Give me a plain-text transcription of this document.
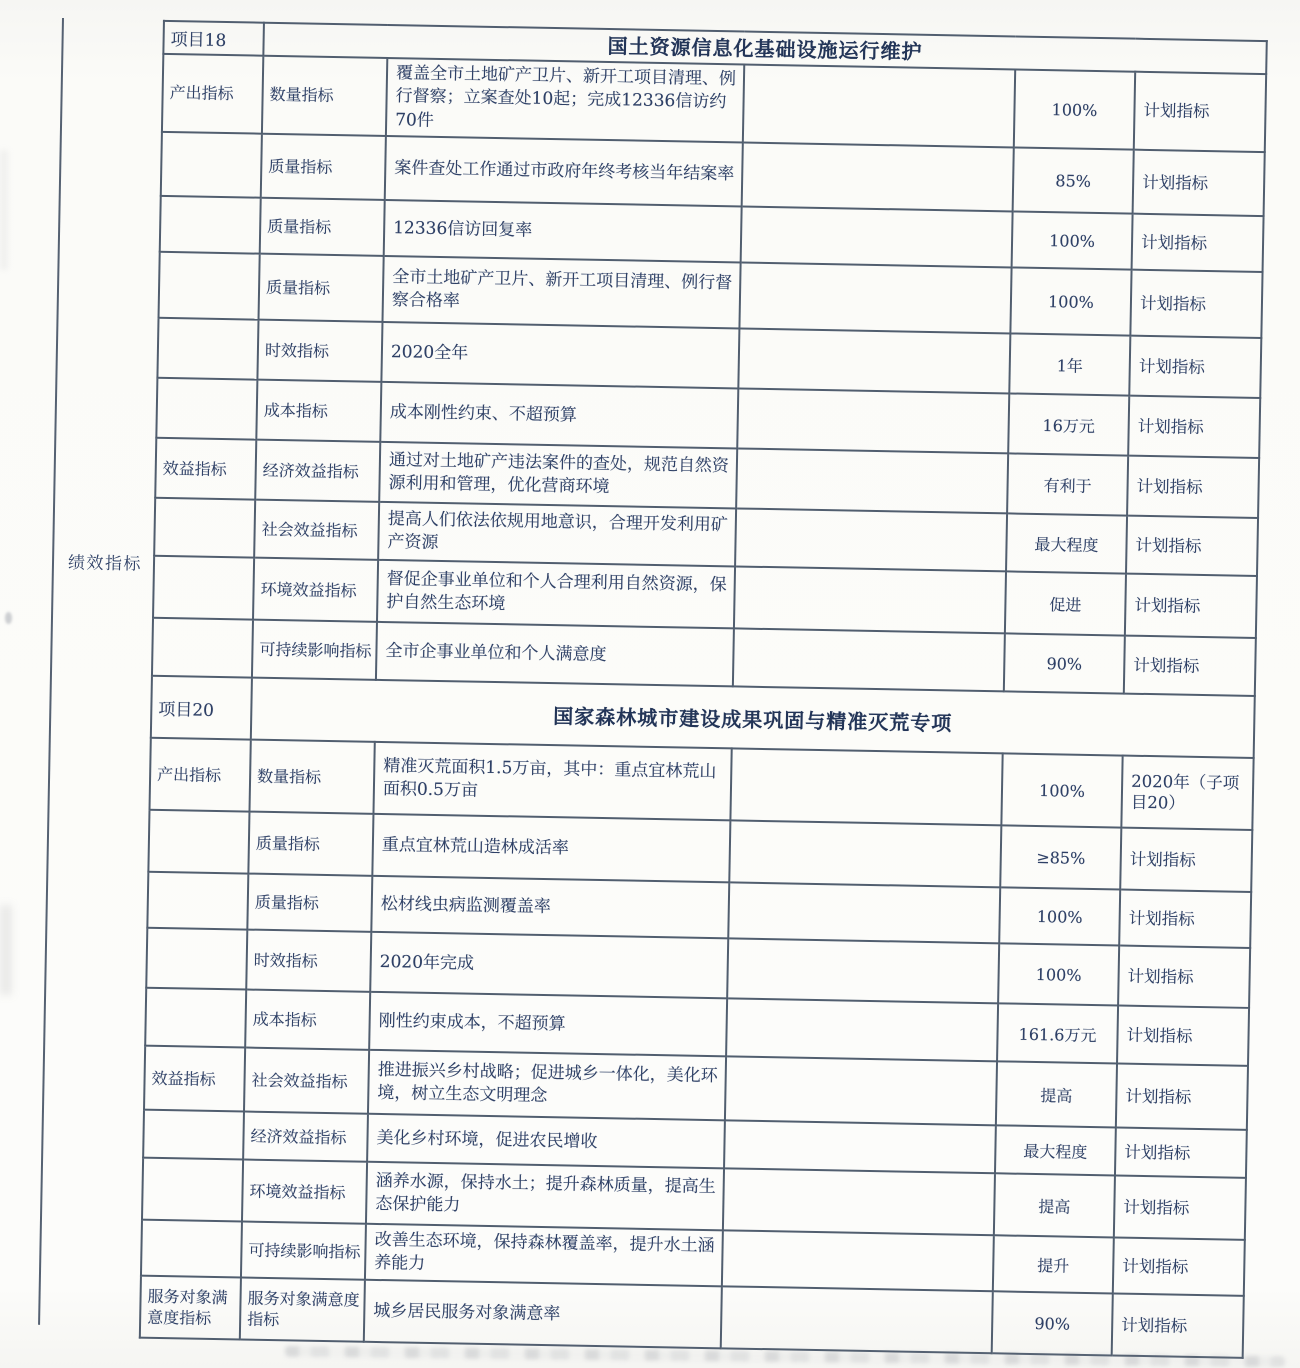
绩效指标
项目18	国土资源信息化基础设施运行维护				
产出指标	数量指标	覆盖全市土地矿产卫片、新开工项目清理、例行督察；立案查处10起；完成12336信访约70件		100%	计划指标
	质量指标	案件查处工作通过市政府年终考核当年结案率		85%	计划指标
	质量指标	12336信访回复率		100%	计划指标
	质量指标	全市土地矿产卫片、新开工项目清理、例行督察合格率		100%	计划指标
	时效指标	2020全年		1年	计划指标
	成本指标	成本刚性约束、不超预算		16万元	计划指标
效益指标	经济效益指标	通过对土地矿产违法案件的查处，规范自然资源利用和管理，优化营商环境		有利于	计划指标
	社会效益指标	提高人们依法依规用地意识，合理开发利用矿产资源		最大程度	计划指标
	环境效益指标	督促企事业单位和个人合理利用自然资源，保护自然生态环境		促进	计划指标
	可持续影响指标	全市企事业单位和个人满意度		90%	计划指标
项目20	国家森林城市建设成果巩固与精准灭荒专项				
产出指标	数量指标	精准灭荒面积1.5万亩，其中：重点宜林荒山面积0.5万亩		100%	2020年（子项目20）
	质量指标	重点宜林荒山造林成活率		≥85%	计划指标
	质量指标	松材线虫病监测覆盖率		100%	计划指标
	时效指标	2020年完成		100%	计划指标
	成本指标	刚性约束成本，不超预算		161.6万元	计划指标
效益指标	社会效益指标	推进振兴乡村战略；促进城乡一体化，美化环境，树立生态文明理念		提高	计划指标
	经济效益指标	美化乡村环境，促进农民增收		最大程度	计划指标
	环境效益指标	涵养水源，保持水土；提升森林质量，提高生态保护能力		提高	计划指标
	可持续影响指标	改善生态环境，保持森林覆盖率，提升水土涵养能力		提升	计划指标
服务对象满意度指标	服务对象满意度指标	城乡居民服务对象满意率		90%	计划指标
